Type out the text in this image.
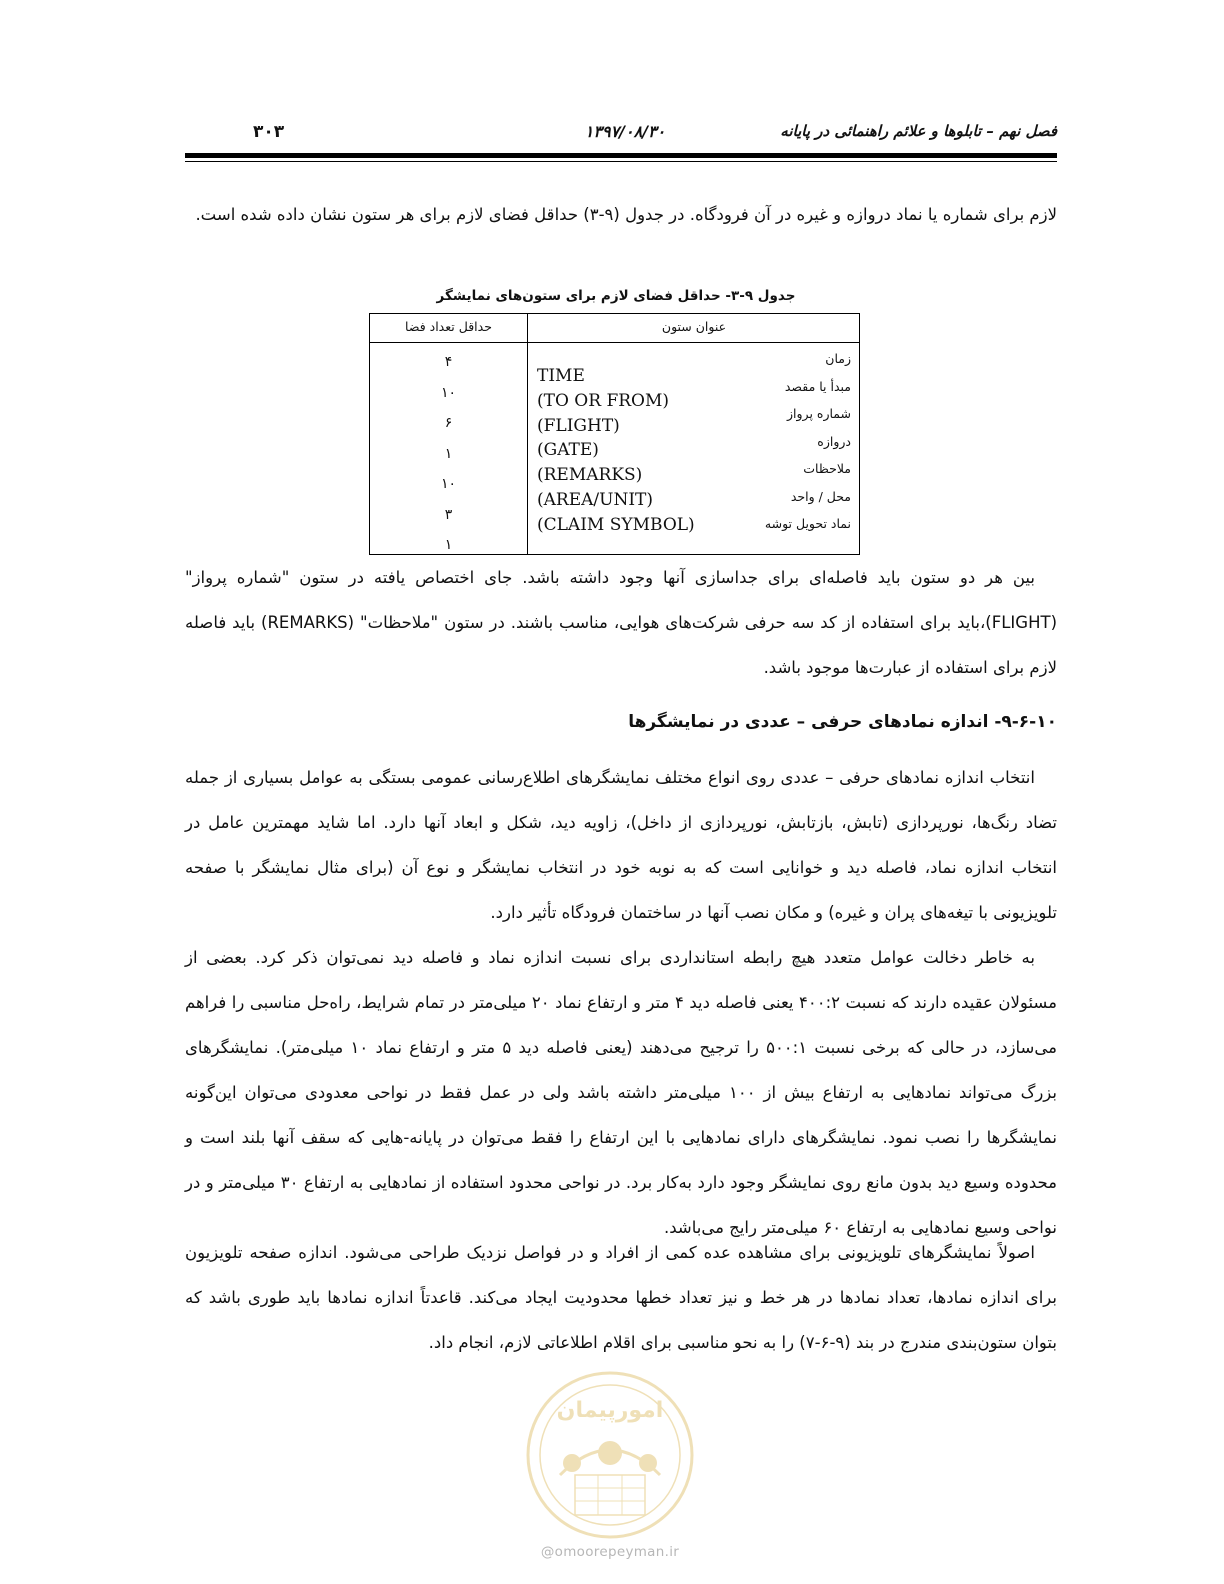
فصل نهم – تابلوها و علائم راهنمائی در پایانه
۱۳۹۷/۰۸/۳۰
۳۰۳

لازم برای شماره یا نماد دروازه و غیره در آن فرودگاه. در جدول (۹-۳) حداقل فضای لازم برای هر ستون نشان داده شده است.

جدول ۹-۳- حداقل فضای لازم برای ستون‌های نمایشگر
حداقل تعداد فضا	عنوان ستون
۴
۱۰
۶
۱
۱۰
۳
۱
زمان
مبدأ یا مقصد
شماره پرواز
دروازه
ملاحظات
محل / واحد
نماد تحویل توشه
TIME
(TO OR FROM)
(FLIGHT)
(GATE)
(REMARKS)
(AREA/UNIT)
(CLAIM SYMBOL)

بین هر دو ستون باید فاصله‌ای برای جداسازی آنها وجود داشته باشد. جای اختصاص یافته در ستون "شماره پرواز" (FLIGHT)،باید برای استفاده از کد سه حرفی شرکت‌های هوایی، مناسب باشند. در ستون "ملاحظات" (REMARKS) باید فاصله لازم برای استفاده از عبارت‌ها موجود باشد.

۹-۶-۱۰- اندازه نمادهای حرفی – عددی در نمایشگرها

انتخاب اندازه نمادهای حرفی – عددی روی انواع مختلف نمایشگرهای اطلاع‌رسانی عمومی بستگی به عوامل بسیاری از جمله تضاد رنگ‌ها، نورپردازی (تابش، بازتابش، نورپردازی از داخل)، زاویه دید، شکل و ابعاد آنها دارد. اما شاید مهمترین عامل در انتخاب اندازه نماد، فاصله دید و خوانایی است که به نوبه خود در انتخاب نمایشگر و نوع آن (برای مثال نمایشگر با صفحه تلویزیونی با تیغه‌های پران و غیره) و مکان نصب آنها در ساختمان فرودگاه تأثیر دارد.

به خاطر دخالت عوامل متعدد هیچ رابطه استانداردی برای نسبت اندازه نماد و فاصله دید نمی‌توان ذکر کرد. بعضی از مسئولان عقیده دارند که نسبت ۴۰۰:۲ یعنی فاصله دید ۴ متر و ارتفاع نماد ۲۰ میلی‌متر در تمام شرایط، راه‌حل مناسبی را فراهم می‌سازد، در حالی که برخی نسبت ۵۰۰:۱ را ترجیح می‌دهند (یعنی فاصله دید ۵ متر و ارتفاع نماد ۱۰ میلی‌متر). نمایشگرهای بزرگ می‌تواند نمادهایی به ارتفاع بیش از ۱۰۰ میلی‌متر داشته باشد ولی در عمل فقط در نواحی معدودی می‌توان این‌گونه نمایشگرها را نصب نمود. نمایشگرهای دارای نمادهایی با این ارتفاع را فقط می‌توان در پایانه-هایی که سقف آنها بلند است و محدوده وسیع دید بدون مانع روی نمایشگر وجود دارد به‌کار برد. در نواحی محدود استفاده از نمادهایی به ارتفاع ۳۰ میلی‌متر و در نواحی وسیع نمادهایی به ارتفاع ۶۰ میلی‌متر رایج می‌باشد.

اصولاً نمایشگرهای تلویزیونی برای مشاهده عده کمی از افراد و در فواصل نزدیک طراحی می‌شود. اندازه صفحه تلویزیون برای اندازه نمادها، تعداد نمادها در هر خط و نیز تعداد خطها محدودیت ایجاد می‌کند. قاعدتاً اندازه نمادها باید طوری باشد که بتوان ستون‌بندی مندرج در بند (۹-۶-۷) را به نحو مناسبی برای اقلام اطلاعاتی لازم، انجام داد.

امورپیمان
@omoorepeyman.ir
